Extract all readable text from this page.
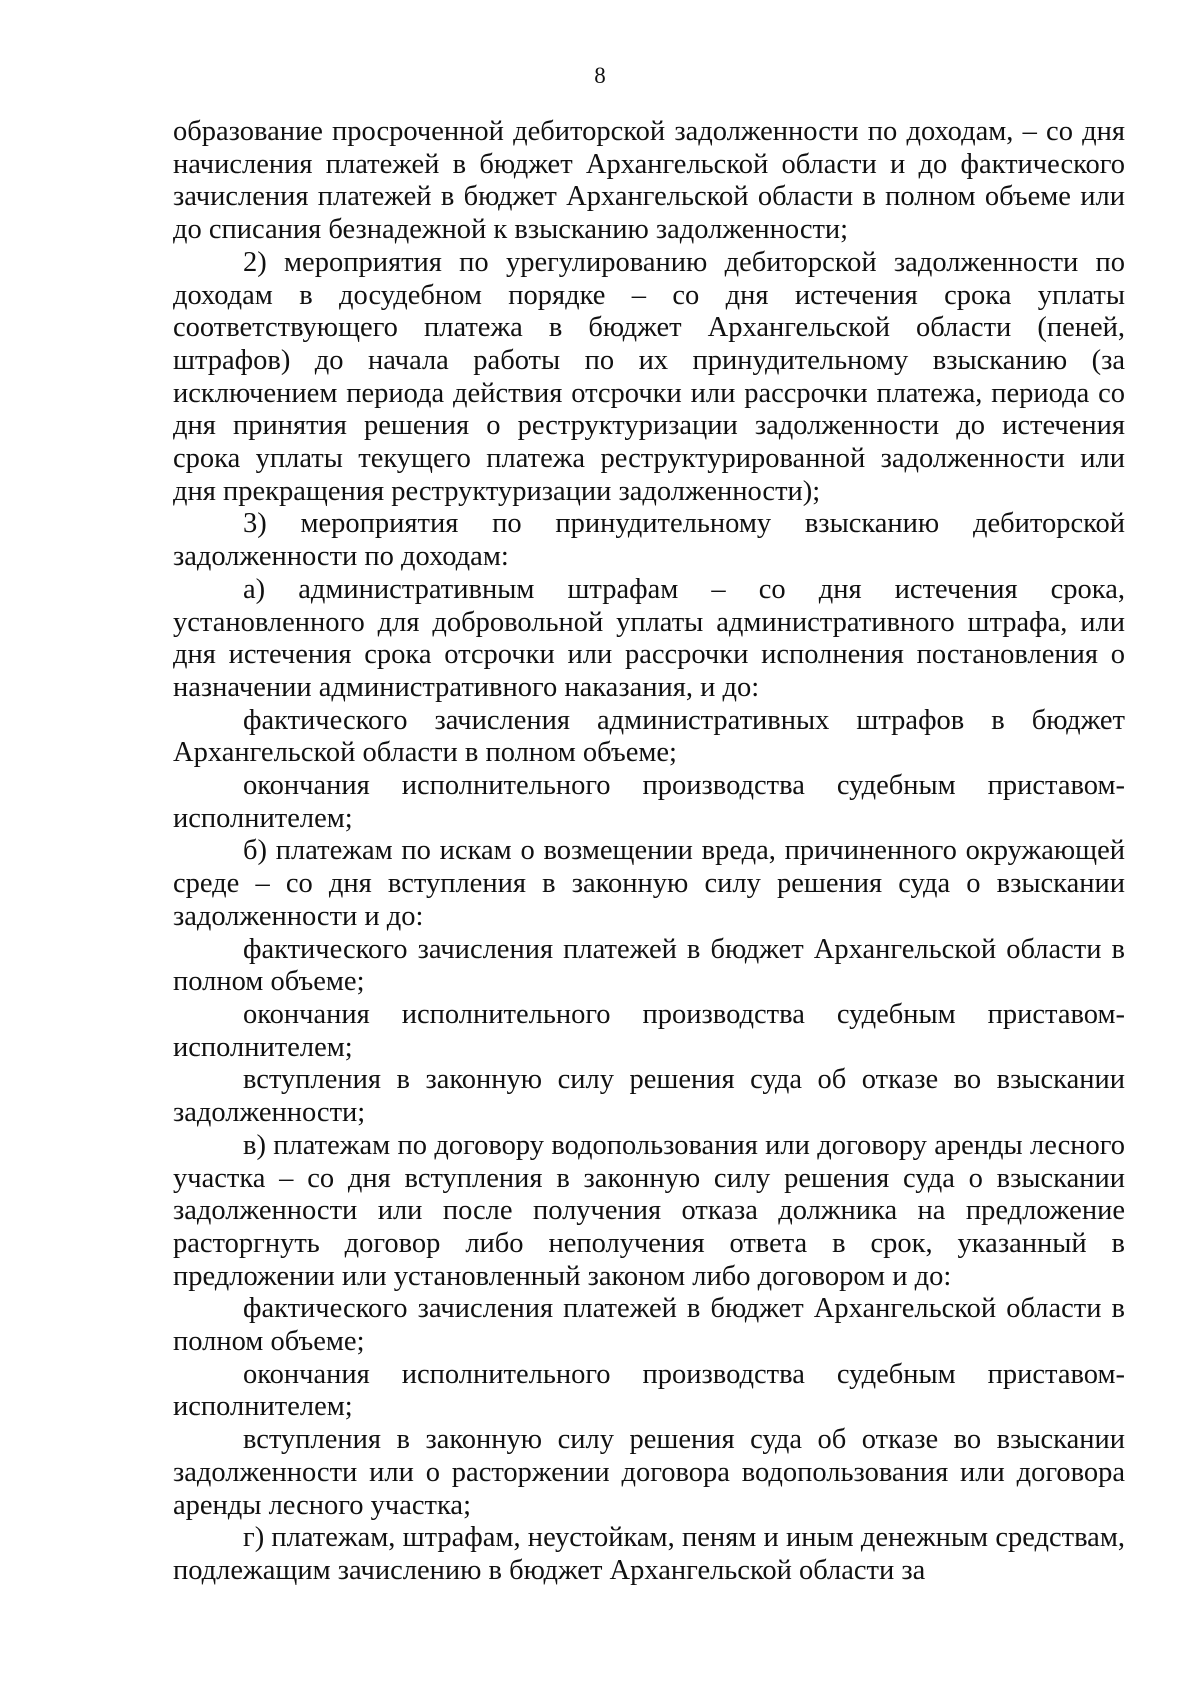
8

образование просроченной дебиторской задолженности по доходам, – со дня начисления платежей в бюджет Архангельской области и до фактического зачисления платежей в бюджет Архангельской области в полном объеме или до списания безнадежной к взысканию задолженности;

2) мероприятия по урегулированию дебиторской задолженности по доходам в досудебном порядке – со дня истечения срока уплаты соответствующего платежа в бюджет Архангельской области (пеней, штрафов) до начала работы по их принудительному взысканию (за исключением периода действия отсрочки или рассрочки платежа, периода со дня принятия решения о реструктуризации задолженности до истечения срока уплаты текущего платежа реструктурированной задолженности или дня прекращения реструктуризации задолженности);

3) мероприятия по принудительному взысканию дебиторской задолженности по доходам:

а) административным штрафам – со дня истечения срока, установленного для добровольной уплаты административного штрафа, или дня истечения срока отсрочки или рассрочки исполнения постановления о назначении административного наказания, и до:

фактического зачисления административных штрафов в бюджет Архангельской области в полном объеме;

окончания исполнительного производства судебным приставом-исполнителем;

б) платежам по искам о возмещении вреда, причиненного окружающей среде – со дня вступления в законную силу решения суда о взыскании задолженности и до:

фактического зачисления платежей в бюджет Архангельской области в полном объеме;

окончания исполнительного производства судебным приставом-исполнителем;

вступления в законную силу решения суда об отказе во взыскании задолженности;

в) платежам по договору водопользования или договору аренды лесного участка – со дня вступления в законную силу решения суда о взыскании задолженности или после получения отказа должника на предложение расторгнуть договор либо неполучения ответа в срок, указанный в предложении или установленный законом либо договором и до:

фактического зачисления платежей в бюджет Архангельской области в полном объеме;

окончания исполнительного производства судебным приставом-исполнителем;

вступления в законную силу решения суда об отказе во взыскании задолженности или о расторжении договора водопользования или договора аренды лесного участка;

г) платежам, штрафам, неустойкам, пеням и иным денежным средствам, подлежащим зачислению в бюджет Архангельской области за
